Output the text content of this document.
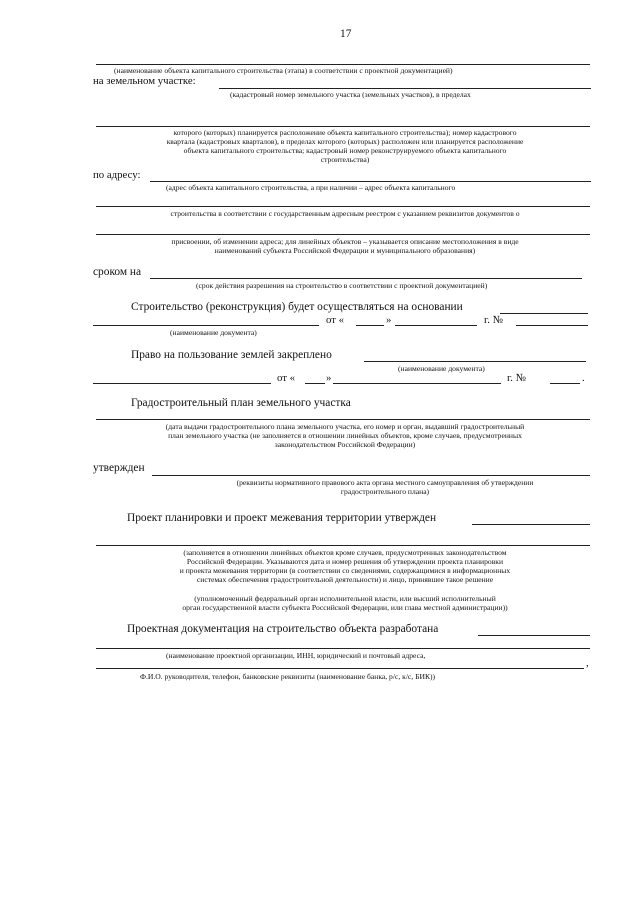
17
(наименование объекта капитального строительства (этапа) в соответствии с проектной документацией)
на земельном участке:
(кадастровый номер земельного участка (земельных участков), в пределах
которого (которых) планируется расположение объекта капитального строительства); номер кадастрового
квартала (кадастровых кварталов), в пределах которого (которых) расположен или планируется расположение
объекта капитального строительства; кадастровый номер реконструируемого объекта капитального
строительства)
по адресу:
(адрес объекта капитального строительства, а при наличии – адрес объекта капитального
строительства в соответствии с государственным адресным реестром с указанием реквизитов документов о
присвоении, об изменении адреса; для линейных объектов – указывается описание местоположения в виде
наименований субъекта Российской Федерации и муниципального образования)
сроком на
(срок действия разрешения на строительство в соответствии с проектной документацией)
Строительство (реконструкция) будет осуществляться на основании
от «	»	г. №
(наименование документа)
Право на пользование землей закреплено
(наименование документа)
от «	»	г. №	.
Градостроительный план земельного участка
(дата выдачи градостроительного плана земельного участка, его номер и орган, выдавший градостроительный
план земельного участка (не заполняется в отношении линейных объектов, кроме случаев, предусмотренных
законодательством Российской Федерации)
утвержден
(реквизиты нормативного правового акта органа местного самоуправления об утверждении
градостроительного плана)
Проект планировки и проект межевания территории утвержден
(заполняется в отношении линейных объектов кроме случаев, предусмотренных законодательством
Российской Федерации. Указываются дата и номер решения об утверждении проекта планировки
и проекта межевания территории (в соответствии со сведениями, содержащимися в информационных
системах обеспечения градостроительной деятельности) и лицо, принявшее такое решение
(уполномоченный федеральный орган исполнительной власти, или высший исполнительный
орган государственной власти субъекта Российской Федерации, или глава местной администрации))
Проектная документация на строительство объекта разработана
(наименование проектной организации, ИНН, юридический и почтовый адреса,
,
Ф.И.О. руководителя, телефон, банковские реквизиты (наименование банка, р/с, к/с, БИК))
